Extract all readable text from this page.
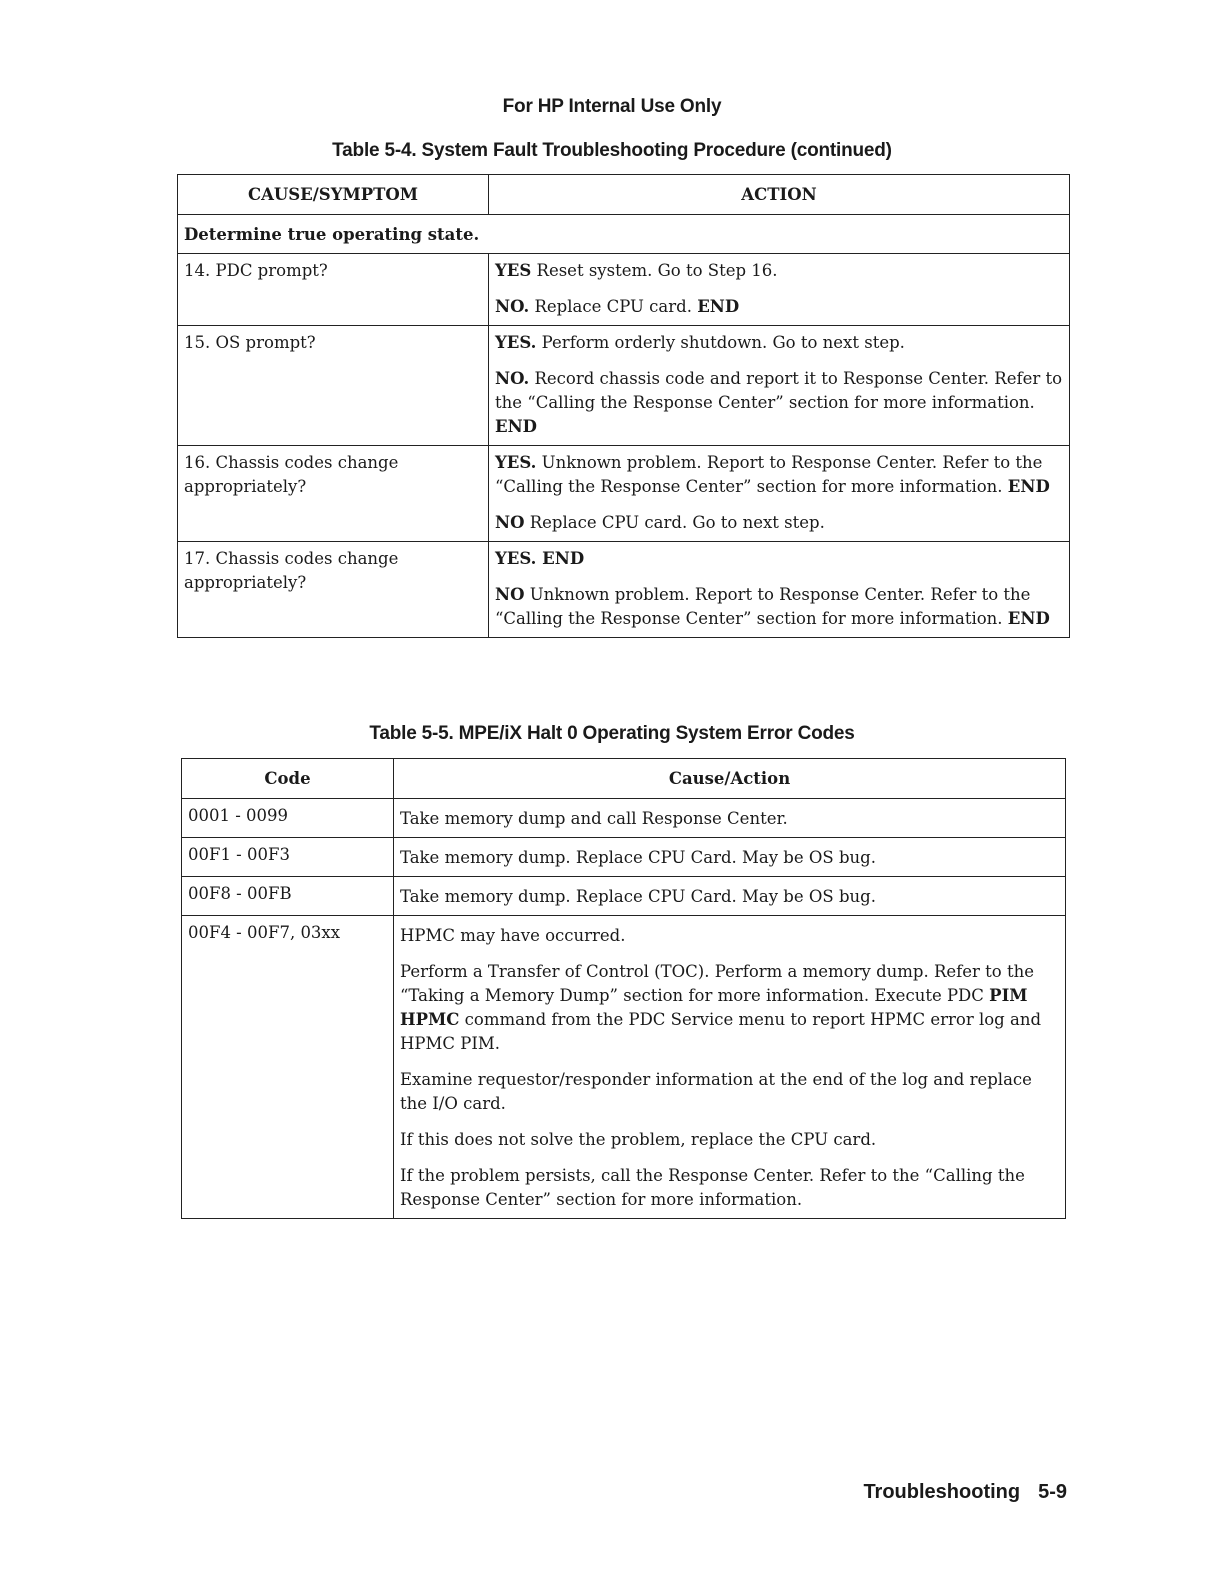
For HP Internal Use Only
Table 5-4. System Fault Troubleshooting Procedure (continued)
CAUSE/SYMPTOM	ACTION
Determine true operating state.	
14. PDC prompt?	YES Reset system. Go to Step 16.

NO. Replace CPU card. END

15. OS prompt?	YES. Perform orderly shutdown. Go to next step.

NO. Record chassis code and report it to Response Center. Refer to the “Calling the Response Center” section for more information. END

16. Chassis codes change appropriately?	YES. Unknown problem. Report to Response Center. Refer to the “Calling the Response Center” section for more information. END

NO Replace CPU card. Go to next step.

17. Chassis codes change appropriately?	YES. END

NO Unknown problem. Report to Response Center. Refer to the “Calling the Response Center” section for more information. END

Table 5-5. MPE/iX Halt 0 Operating System Error Codes
Code	Cause/Action
0001 - 0099	Take memory dump and call Response Center.
00F1 - 00F3	Take memory dump. Replace CPU Card. May be OS bug.
00F8 - 00FB	Take memory dump. Replace CPU Card. May be OS bug.
00F4 - 00F7, 03xx	HPMC may have occurred.

Perform a Transfer of Control (TOC). Perform a memory dump. Refer to the “Taking a Memory Dump” section for more information. Execute PDC PIM HPMC command from the PDC Service menu to report HPMC error log and HPMC PIM.

Examine requestor/responder information at the end of the log and replace the I/O card.

If this does not solve the problem, replace the CPU card.

If the problem persists, call the Response Center. Refer to the “Calling the Response Center” section for more information.

Troubleshooting 5-9
